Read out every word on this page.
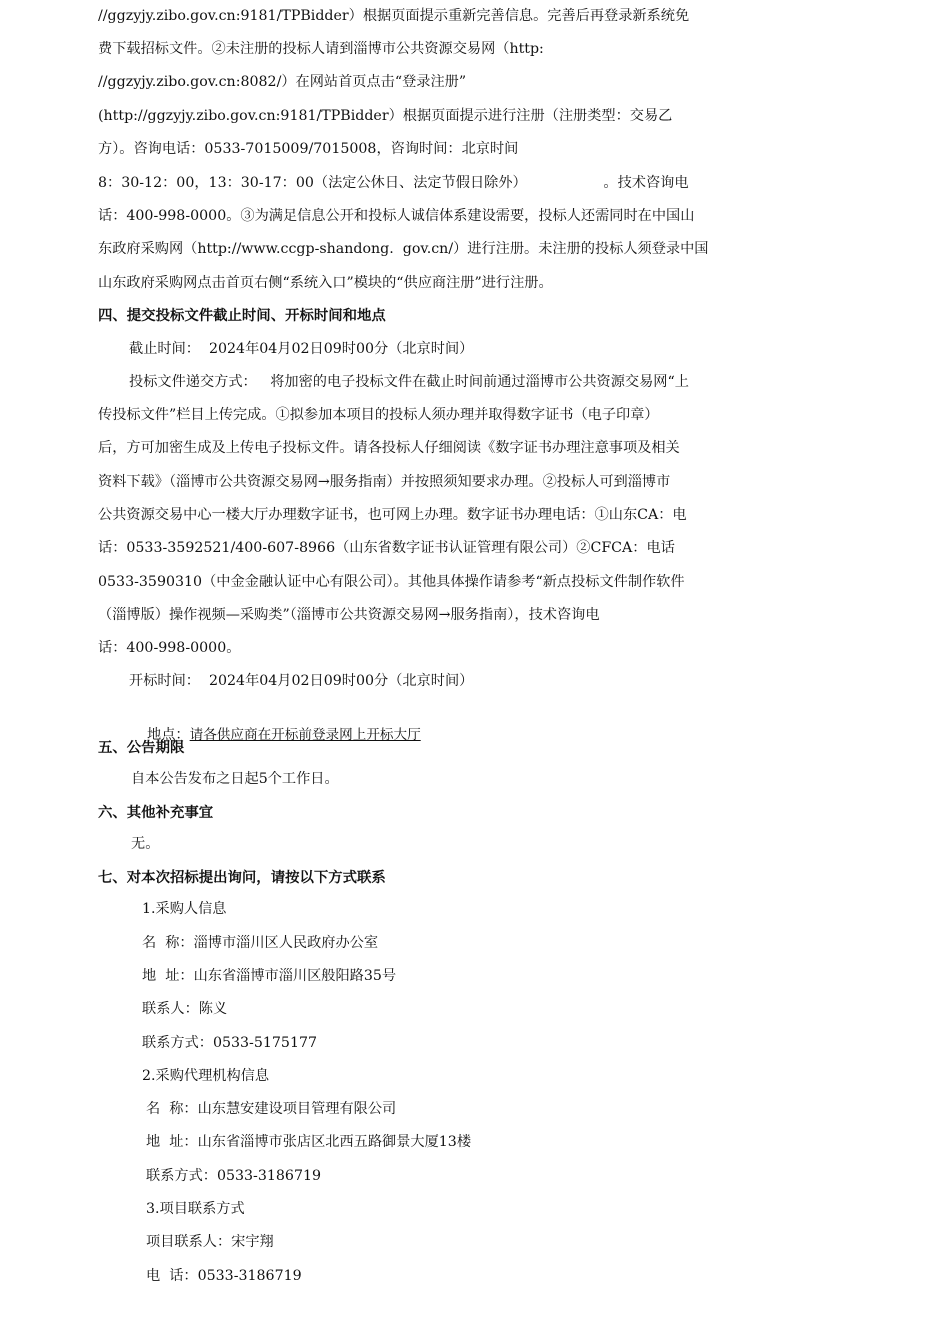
//ggzyjy.zibo.gov.cn:9181/TPBidder）根据页面提示重新完善信息。完善后再登录新系统免
费下载招标文件。②未注册的投标人请到淄博市公共资源交易网（http:
//ggzyjy.zibo.gov.cn:8082/）在网站首页点击“登录注册”
(http://ggzyjy.zibo.gov.cn:9181/TPBidder）根据页面提示进行注册（注册类型：交易乙
方）。咨询电话：0533-7015009/7015008，咨询时间：北京时间
8：30-12：00，13：30-17：00（法定公休日、法定节假日除外）                 。技术咨询电
话：400-998-0000。③为满足信息公开和投标人诚信体系建设需要，投标人还需同时在中国山
东政府采购网（http://www.ccgp-shandong.  gov.cn/）进行注册。未注册的投标人须登录中国
山东政府采购网点击首页右侧“系统入口”模块的“供应商注册”进行注册。
四、提交投标文件截止时间、开标时间和地点
截止时间：  2024年04月02日09时00分（北京时间）
投标文件递交方式：   将加密的电子投标文件在截止时间前通过淄博市公共资源交易网“上
传投标文件”栏目上传完成。①拟参加本项目的投标人须办理并取得数字证书（电子印章）
后，方可加密生成及上传电子投标文件。请各投标人仔细阅读《数字证书办理注意事项及相关
资料下载》（淄博市公共资源交易网→服务指南）并按照须知要求办理。②投标人可到淄博市
公共资源交易中心一楼大厅办理数字证书，也可网上办理。数字证书办理电话：①山东CA：电
话：0533-3592521/400-607-8966（山东省数字证书认证管理有限公司）②CFCA：电话
0533-3590310（中金金融认证中心有限公司）。其他具体操作请参考“新点投标文件制作软件
（淄博版）操作视频—采购类”（淄博市公共资源交易网→服务指南），技术咨询电
话：400-998-0000。
开标时间：  2024年04月02日09时00分（北京时间）

地点：请各供应商在开标前登录网上开标大厅

五、公告期限
自本公告发布之日起5个工作日。
六、其他补充事宜
无。
七、对本次招标提出询问，请按以下方式联系
1.采购人信息
名  称：淄博市淄川区人民政府办公室
地  址：山东省淄博市淄川区般阳路35号
联系人：陈义
联系方式：0533-5175177
2.采购代理机构信息
名  称：山东慧安建设项目管理有限公司
地  址：山东省淄博市张店区北西五路御景大厦13楼
联系方式：0533-3186719
3.项目联系方式
项目联系人：宋宇翔
电  话：0533-3186719
